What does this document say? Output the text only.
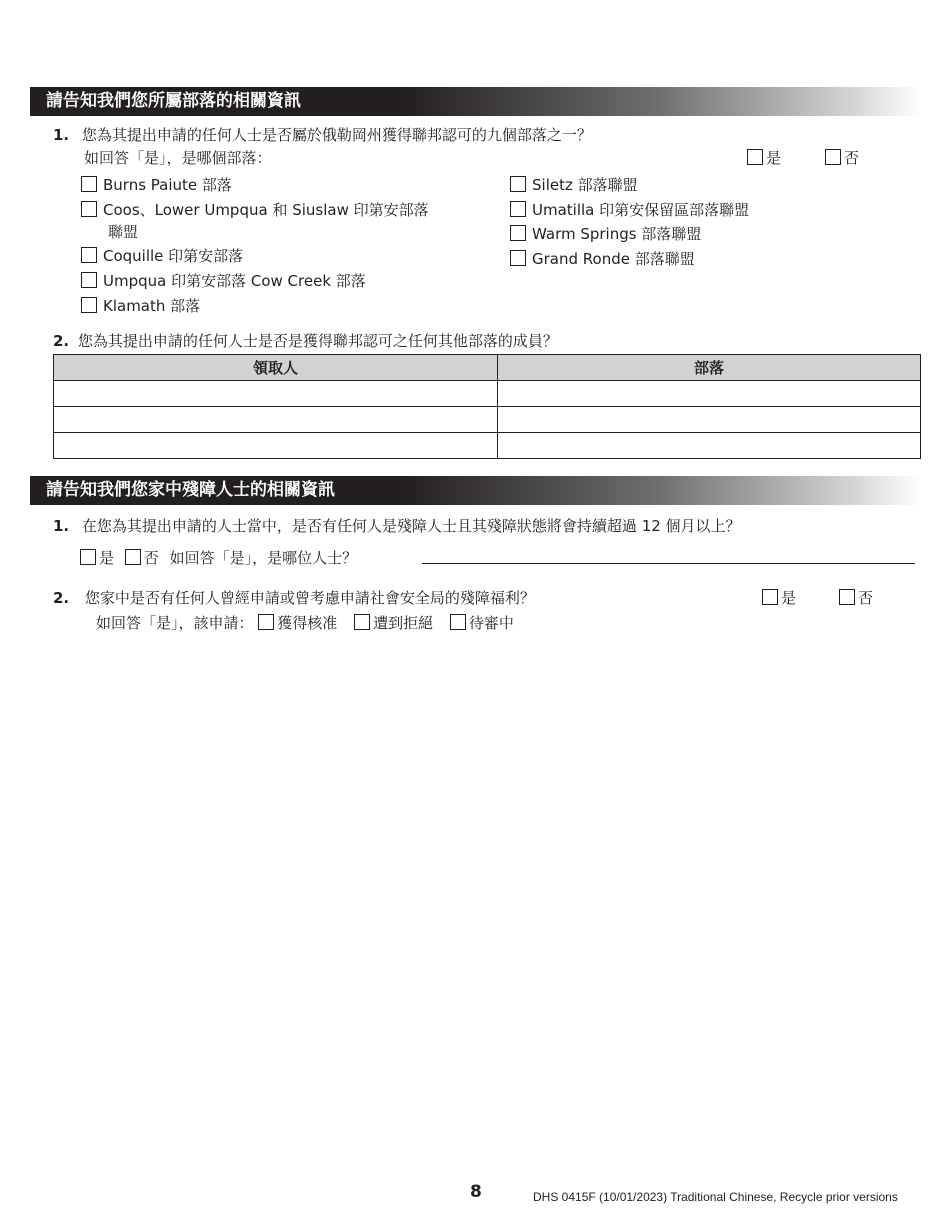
請告知我們您所屬部落的相關資訊
1. 您為其提出申請的任何人士是否屬於俄勒岡州獲得聯邦認可的九個部落之一？
如回答「是」，是哪個部落：	是	否
Burns Paiute 部落
Coos、Lower Umpqua 和 Siuslaw 印第安部落
聯盟
Coquille 印第安部落
Umpqua 印第安部落 Cow Creek 部落
Klamath 部落
Siletz 部落聯盟
Umatilla 印第安保留區部落聯盟
Warm Springs 部落聯盟
Grand Ronde 部落聯盟
2. 您為其提出申請的任何人士是否是獲得聯邦認可之任何其他部落的成員？
領取人	部落

請告知我們您家中殘障人士的相關資訊
1. 在您為其提出申請的人士當中，是否有任何人是殘障人士且其殘障狀態將會持續超過 12 個月以上？
是 否 如回答「是」，是哪位人士？
2. 您家中是否有任何人曾經申請或曾考慮申請社會安全局的殘障福利？	是	否
如回答「是」，該申請： 獲得核准 遭到拒絕 待審中
8	DHS 0415F (10/01/2023) Traditional Chinese, Recycle prior versions
